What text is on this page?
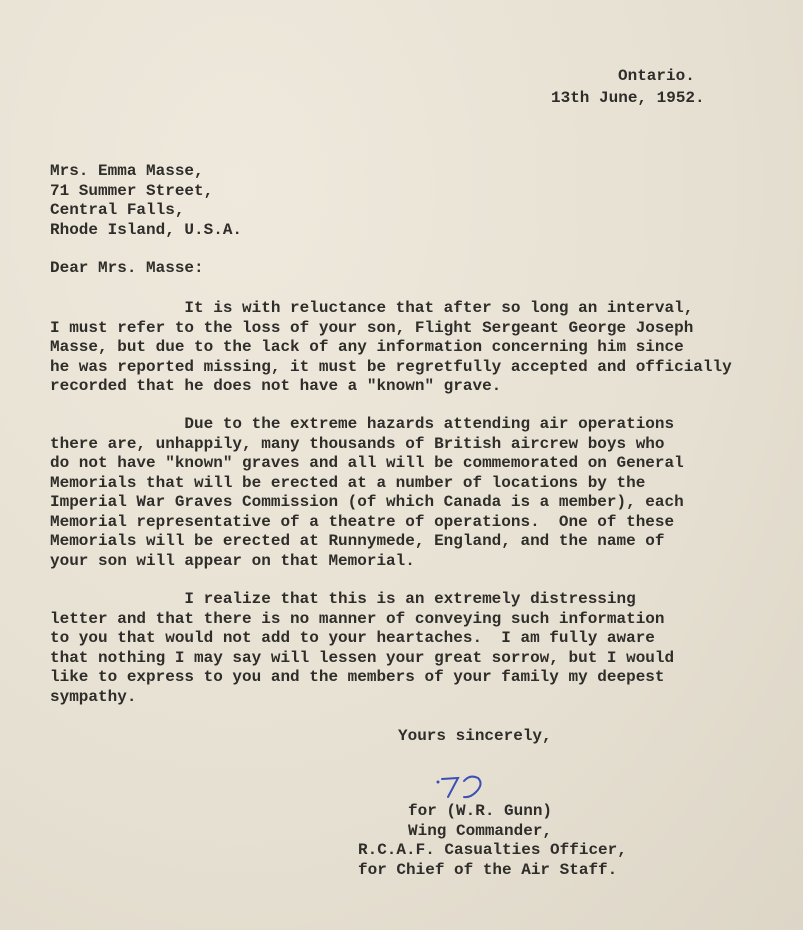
Ontario.
13th June, 1952.
Mrs. Emma Masse,
71 Summer Street,
Central Falls,
Rhode Island, U.S.A.
Dear Mrs. Masse:
It is with reluctance that after so long an interval,
I must refer to the loss of your son, Flight Sergeant George Joseph
Masse, but due to the lack of any information concerning him since
he was reported missing, it must be regretfully accepted and officially
recorded that he does not have a "known" grave.
Due to the extreme hazards attending air operations
there are, unhappily, many thousands of British aircrew boys who
do not have "known" graves and all will be commemorated on General
Memorials that will be erected at a number of locations by the
Imperial War Graves Commission (of which Canada is a member), each
Memorial representative of a theatre of operations.  One of these
Memorials will be erected at Runnymede, England, and the name of
your son will appear on that Memorial.
I realize that this is an extremely distressing
letter and that there is no manner of conveying such information
to you that would not add to your heartaches.  I am fully aware
that nothing I may say will lessen your great sorrow, but I would
like to express to you and the members of your family my deepest
sympathy.
Yours sincerely,
for (W.R. Gunn)
Wing Commander,
R.C.A.F. Casualties Officer,
for Chief of the Air Staff.
